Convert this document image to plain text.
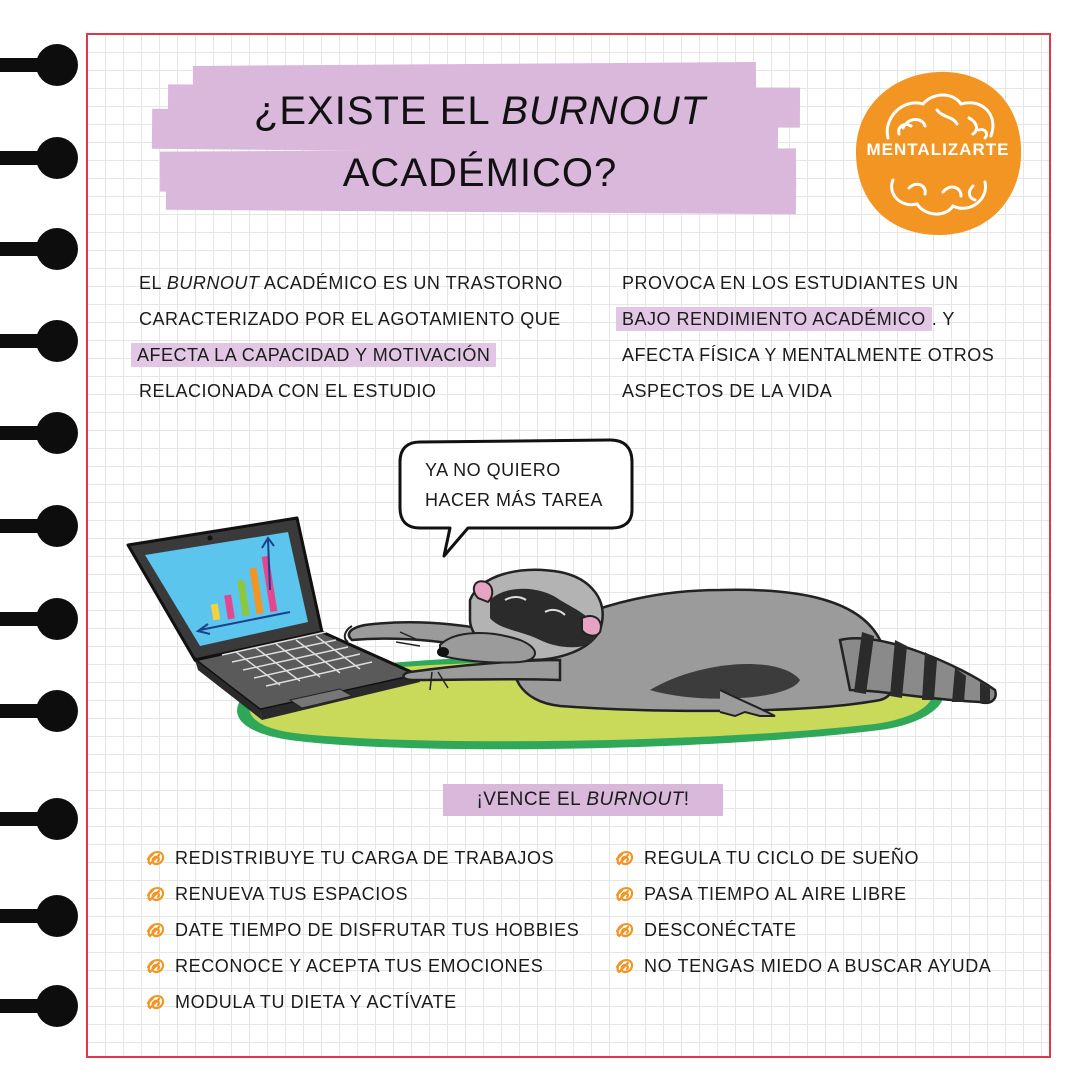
¿EXISTE EL BURNOUT
ACADÉMICO?
MENTALIZARTE
EL BURNOUT ACADÉMICO ES UN TRASTORNO
CARACTERIZADO POR EL AGOTAMIENTO QUE
AFECTA LA CAPACIDAD Y MOTIVACIÓN
RELACIONADA CON EL ESTUDIO
PROVOCA EN LOS ESTUDIANTES UN
BAJO RENDIMIENTO ACADÉMICO . Y
AFECTA FÍSICA Y MENTALMENTE OTROS
ASPECTOS DE LA VIDA
YA NO QUIERO
HACER MÁS TAREA
¡VENCE EL BURNOUT!
REDISTRIBUYE TU CARGA DE TRABAJOS
RENUEVA TUS ESPACIOS
DATE TIEMPO DE DISFRUTAR TUS HOBBIES
RECONOCE Y ACEPTA TUS EMOCIONES
MODULA TU DIETA Y ACTÍVATE
REGULA TU CICLO DE SUEÑO
PASA TIEMPO AL AIRE LIBRE
DESCONÉCTATE
NO TENGAS MIEDO A BUSCAR AYUDA
